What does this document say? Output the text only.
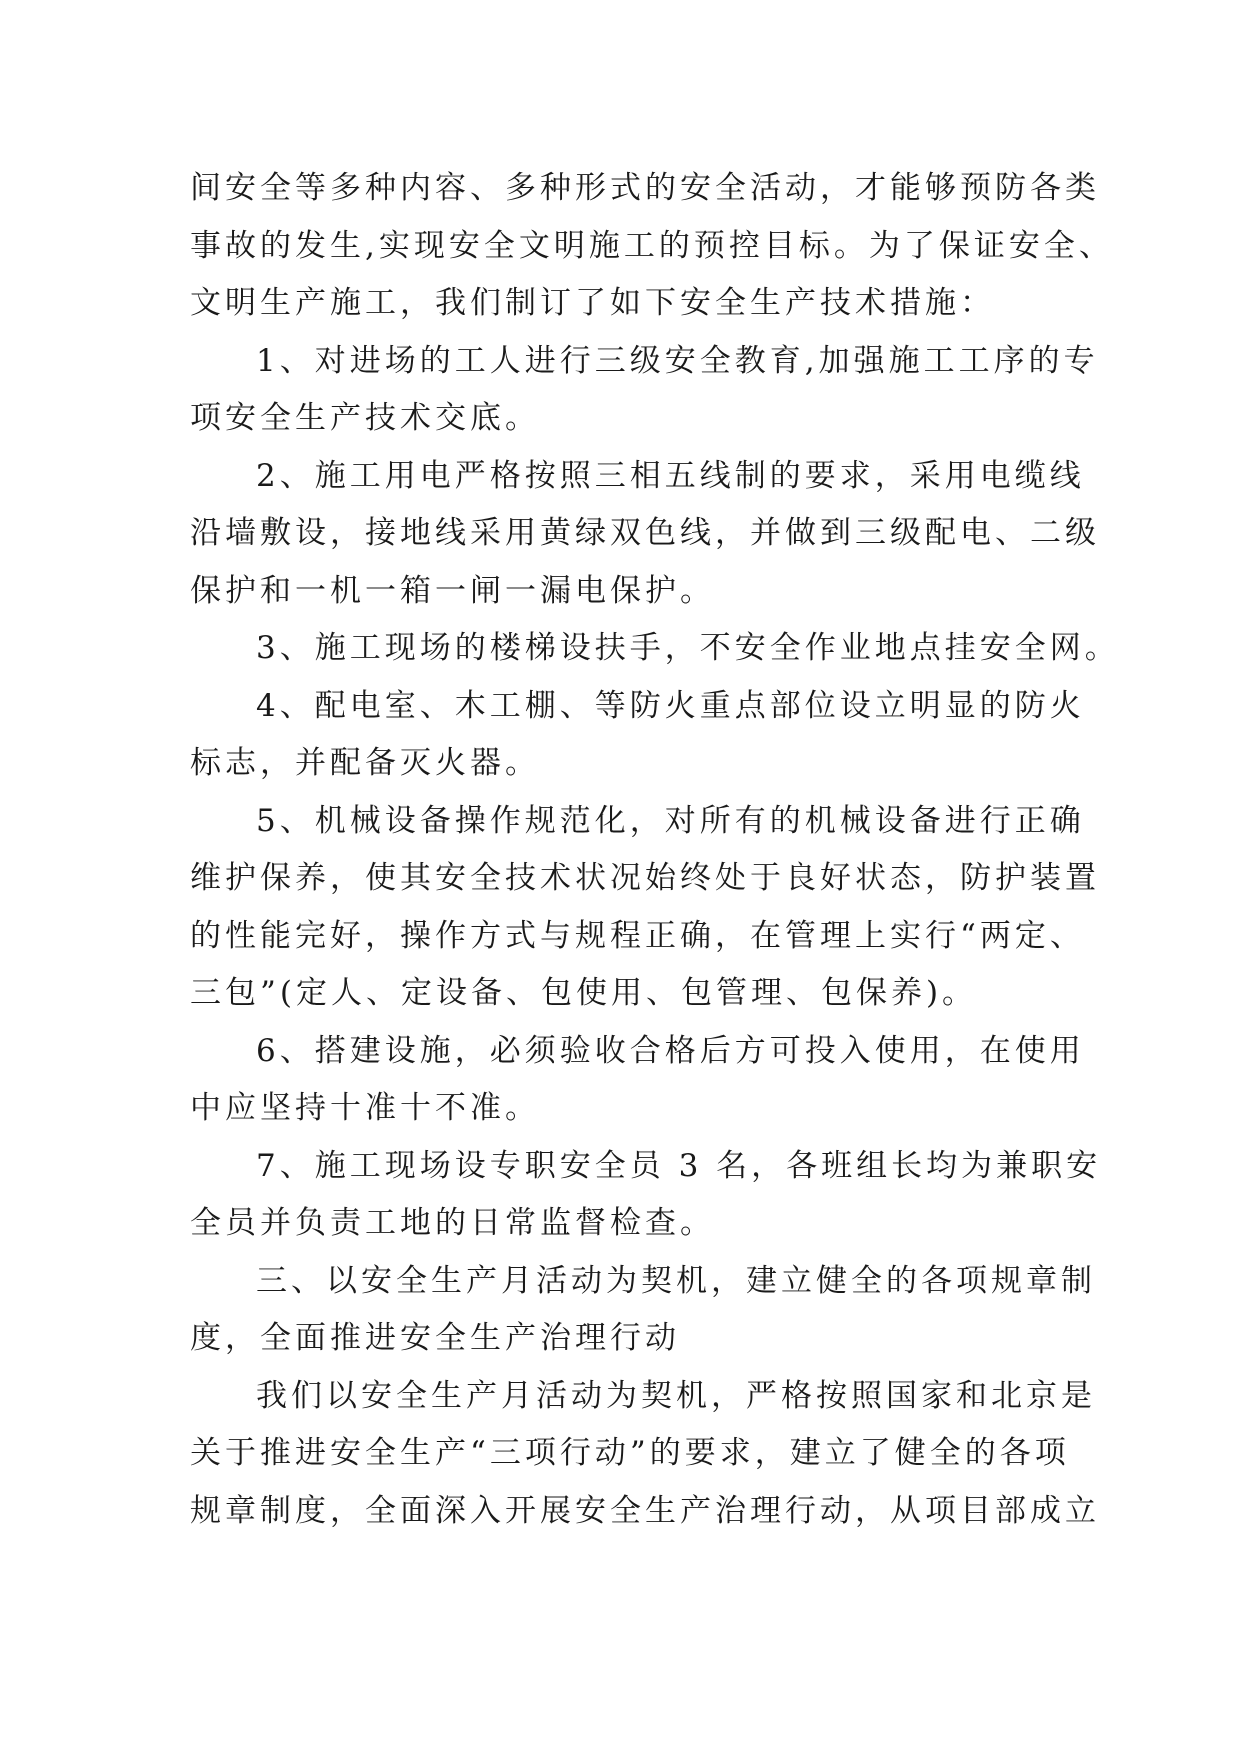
间安全等多种内容、多种形式的安全活动，才能够预防各类
事故的发生,实现安全文明施工的预控目标。为了保证安全、
文明生产施工，我们制订了如下安全生产技术措施：
1、对进场的工人进行三级安全教育,加强施工工序的专
项安全生产技术交底。
2、施工用电严格按照三相五线制的要求，采用电缆线
沿墙敷设，接地线采用黄绿双色线，并做到三级配电、二级
保护和一机一箱一闸一漏电保护。
3、施工现场的楼梯设扶手，不安全作业地点挂安全网。
4、配电室、木工棚、等防火重点部位设立明显的防火
标志，并配备灭火器。
5、机械设备操作规范化，对所有的机械设备进行正确
维护保养，使其安全技术状况始终处于良好状态，防护装置
的性能完好，操作方式与规程正确，在管理上实行“两定、
三包”(定人、定设备、包使用、包管理、包保养)。
6、搭建设施，必须验收合格后方可投入使用，在使用
中应坚持十准十不准。
7、施工现场设专职安全员 3 名，各班组长均为兼职安
全员并负责工地的日常监督检查。
三、以安全生产月活动为契机，建立健全的各项规章制
度，全面推进安全生产治理行动
我们以安全生产月活动为契机，严格按照国家和北京是
关于推进安全生产“三项行动”的要求，建立了健全的各项
规章制度，全面深入开展安全生产治理行动，从项目部成立
